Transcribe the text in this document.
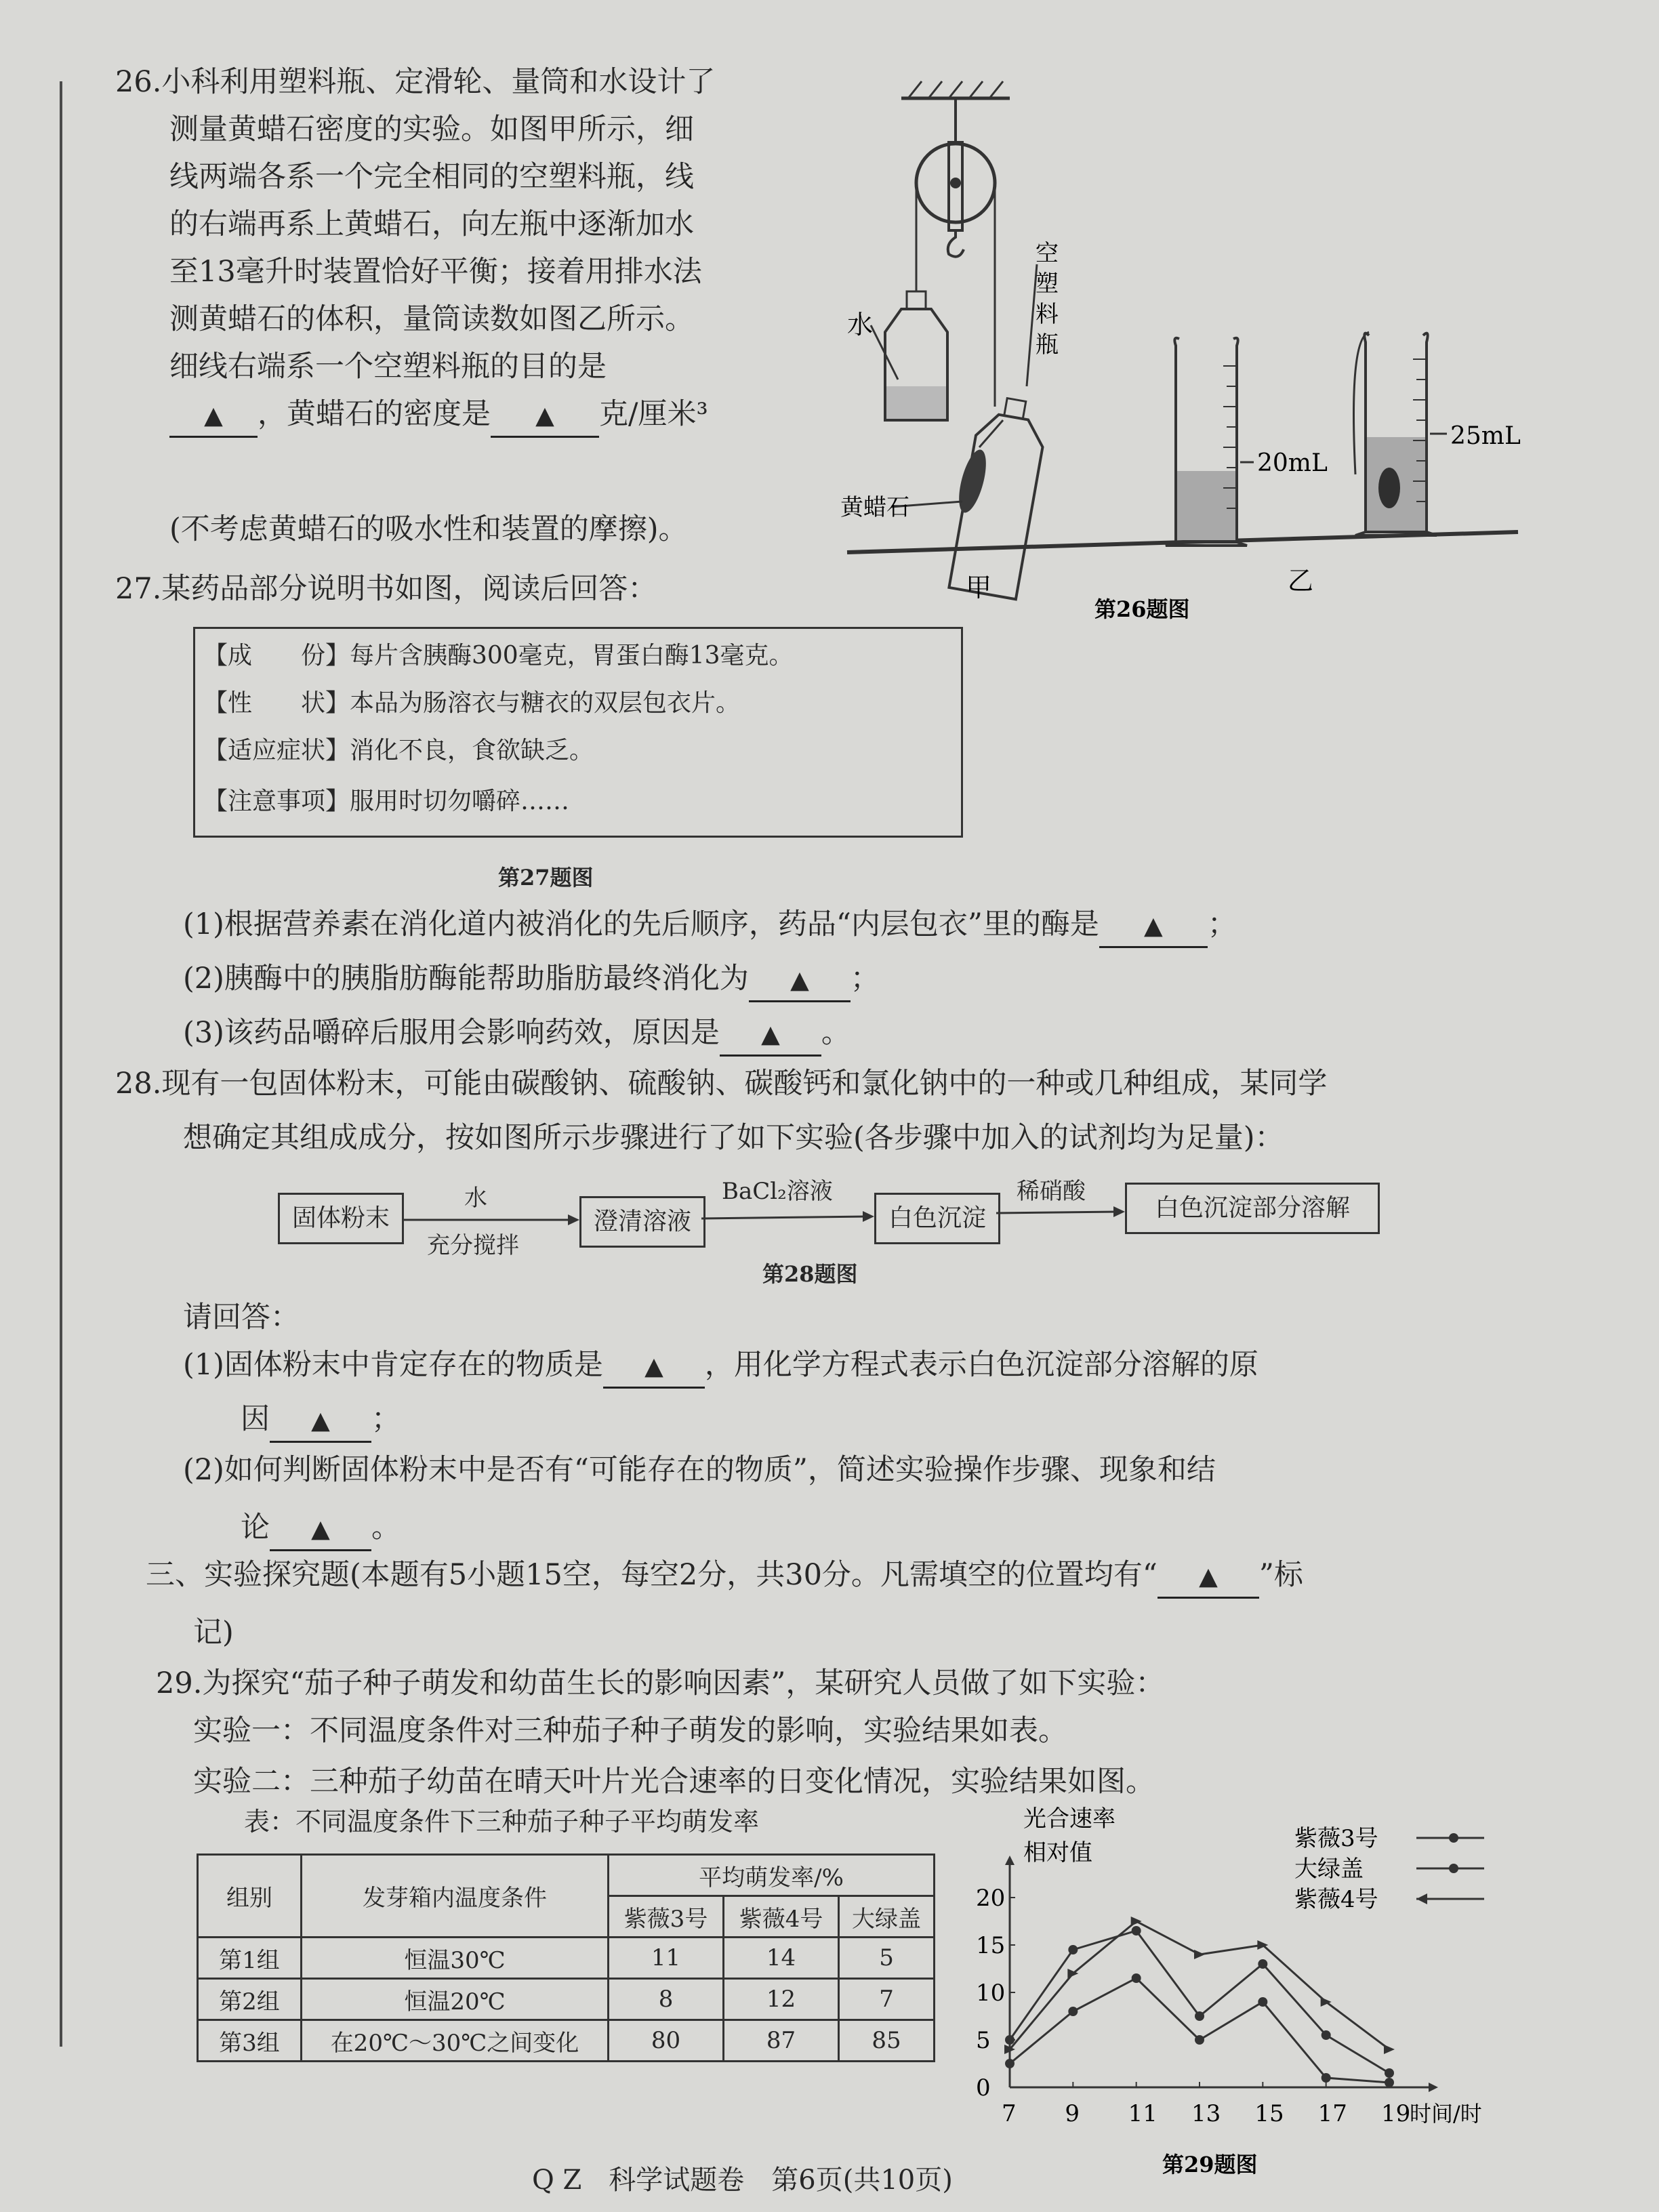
26.小科利用塑料瓶、定滑轮、量筒和水设计了
测量黄蜡石密度的实验。如图甲所示，细
线两端各系一个完全相同的空塑料瓶，线
的右端再系上黄蜡石，向左瓶中逐渐加水
至13毫升时装置恰好平衡；接着用排水法
测黄蜡石的体积，量筒读数如图乙所示。
细线右端系一个空塑料瓶的目的是
▲ ，黄蜡石的密度是 ▲ 克/厘米³
(不考虑黄蜡石的吸水性和装置的摩擦)。
水
黄蜡石
空
塑
料
瓶
20mL
25mL
甲	乙
第26题图
27.某药品部分说明书如图，阅读后回答：
【成　　份】每片含胰酶300毫克，胃蛋白酶13毫克。
【性　　状】本品为肠溶衣与糖衣的双层包衣片。
【适应症状】消化不良，食欲缺乏。
【注意事项】服用时切勿嚼碎……
第27题图
(1)根据营养素在消化道内被消化的先后顺序，药品“内层包衣”里的酶是 ▲ ；
(2)胰酶中的胰脂肪酶能帮助脂肪最终消化为 ▲ ；
(3)该药品嚼碎后服用会影响药效，原因是 ▲ 。
28.现有一包固体粉末，可能由碳酸钠、硫酸钠、碳酸钙和氯化钠中的一种或几种组成，某同学
想确定其组成成分，按如图所示步骤进行了如下实验(各步骤中加入的试剂均为足量)：
固体粉末	澄清溶液	白色沉淀	白色沉淀部分溶解
水
充分搅拌
BaCl₂溶液	稀硝酸
第28题图
请回答：
(1)固体粉末中肯定存在的物质是 ▲ ，用化学方程式表示白色沉淀部分溶解的原
因 ▲ ；
(2)如何判断固体粉末中是否有“可能存在的物质”，简述实验操作步骤、现象和结
论 ▲ 。
三、实验探究题(本题有5小题15空，每空2分，共30分。凡需填空的位置均有“ ▲ ”标
记)
29.为探究“茄子种子萌发和幼苗生长的影响因素”，某研究人员做了如下实验：
实验一：不同温度条件对三种茄子种子萌发的影响，实验结果如表。
实验二：三种茄子幼苗在晴天叶片光合速率的日变化情况，实验结果如图。
表：不同温度条件下三种茄子种子平均萌发率
组别	发芽箱内温度条件	平均萌发率/%		
		紫薇3号	紫薇4号	大绿盖
第1组	恒温30℃	11	14	5
第2组	恒温20℃	8	12	7
第3组	在20℃～30℃之间变化	80	87	85
光合速率
相对值
时间/时
7 9 11 13 15 17 19
0
5
10
15
20
紫薇3号
大绿盖
紫薇4号
第29题图
Q Z　科学试题卷　第6页(共10页)
